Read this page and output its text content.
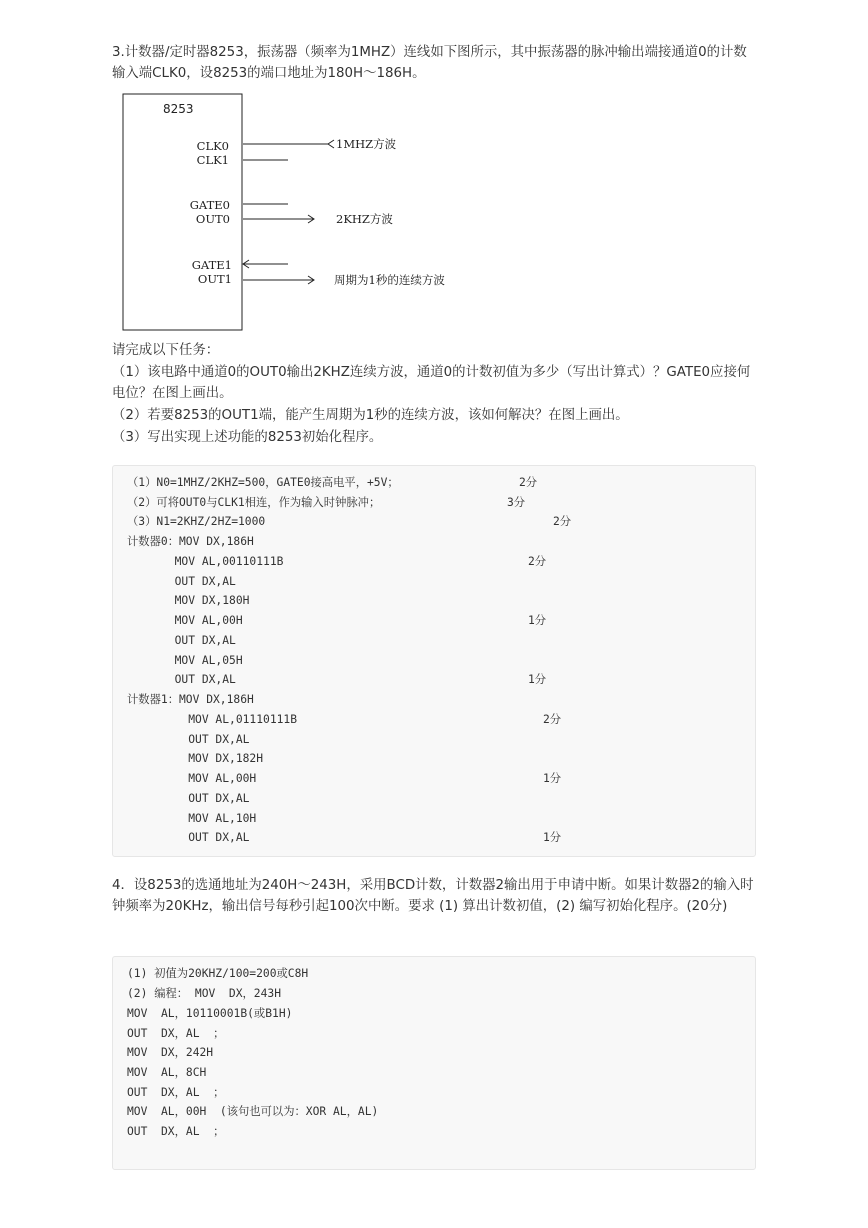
3.计数器/定时器8253，振荡器（频率为1MHZ）连线如下图所示，其中振荡器的脉冲输出端接通道0的计数输入端CLK0，设8253的端口地址为180H～186H。

8253
CLK0
CLK1
GATE0
OUT0
GATE1
OUT1
1MHZ方波
2KHZ方波
周期为1秒的连续方波

请完成以下任务：

（1）该电路中通道0的OUT0输出2KHZ连续方波，通道0的计数初值为多少（写出计算式）？GATE0应接何电位？在图上画出。

（2）若要8253的OUT1端，能产生周期为1秒的连续方波，该如何解决？在图上画出。

（3）写出实现上述功能的8253初始化程序。

（1）N0=1MHZ/2KHZ=500，GATE0接高电平，+5V；	2分
（2）可将OUT0与CLK1相连，作为输入时钟脉冲；	3分
（3）N1=2KHZ/2HZ=1000	2分
计数器0：MOV DX,186H
MOV AL,00110111B	2分
OUT DX,AL
MOV DX,180H
MOV AL,00H	1分
OUT DX,AL
MOV AL,05H
OUT DX,AL	1分
计数器1：MOV DX,186H
MOV AL,01110111B	2分
OUT DX,AL
MOV DX,182H
MOV AL,00H	1分
OUT DX,AL
MOV AL,10H
OUT DX,AL	1分

4．设8253的选通地址为240H～243H，采用BCD计数，计数器2输出用于申请中断。如果计数器2的输入时钟频率为20KHz，输出信号每秒引起100次中断。要求 (1) 算出计数初值，(2) 编写初始化程序。(20分)

(1) 初值为20KHZ/100=200或C8H
(2) 编程： MOV  DX，243H
MOV  AL，10110001B(或B1H)
OUT  DX，AL  ；
MOV  DX，242H
MOV  AL，8CH
OUT  DX，AL  ；
MOV  AL，00H  (该句也可以为：XOR AL，AL)
OUT  DX，AL  ；
